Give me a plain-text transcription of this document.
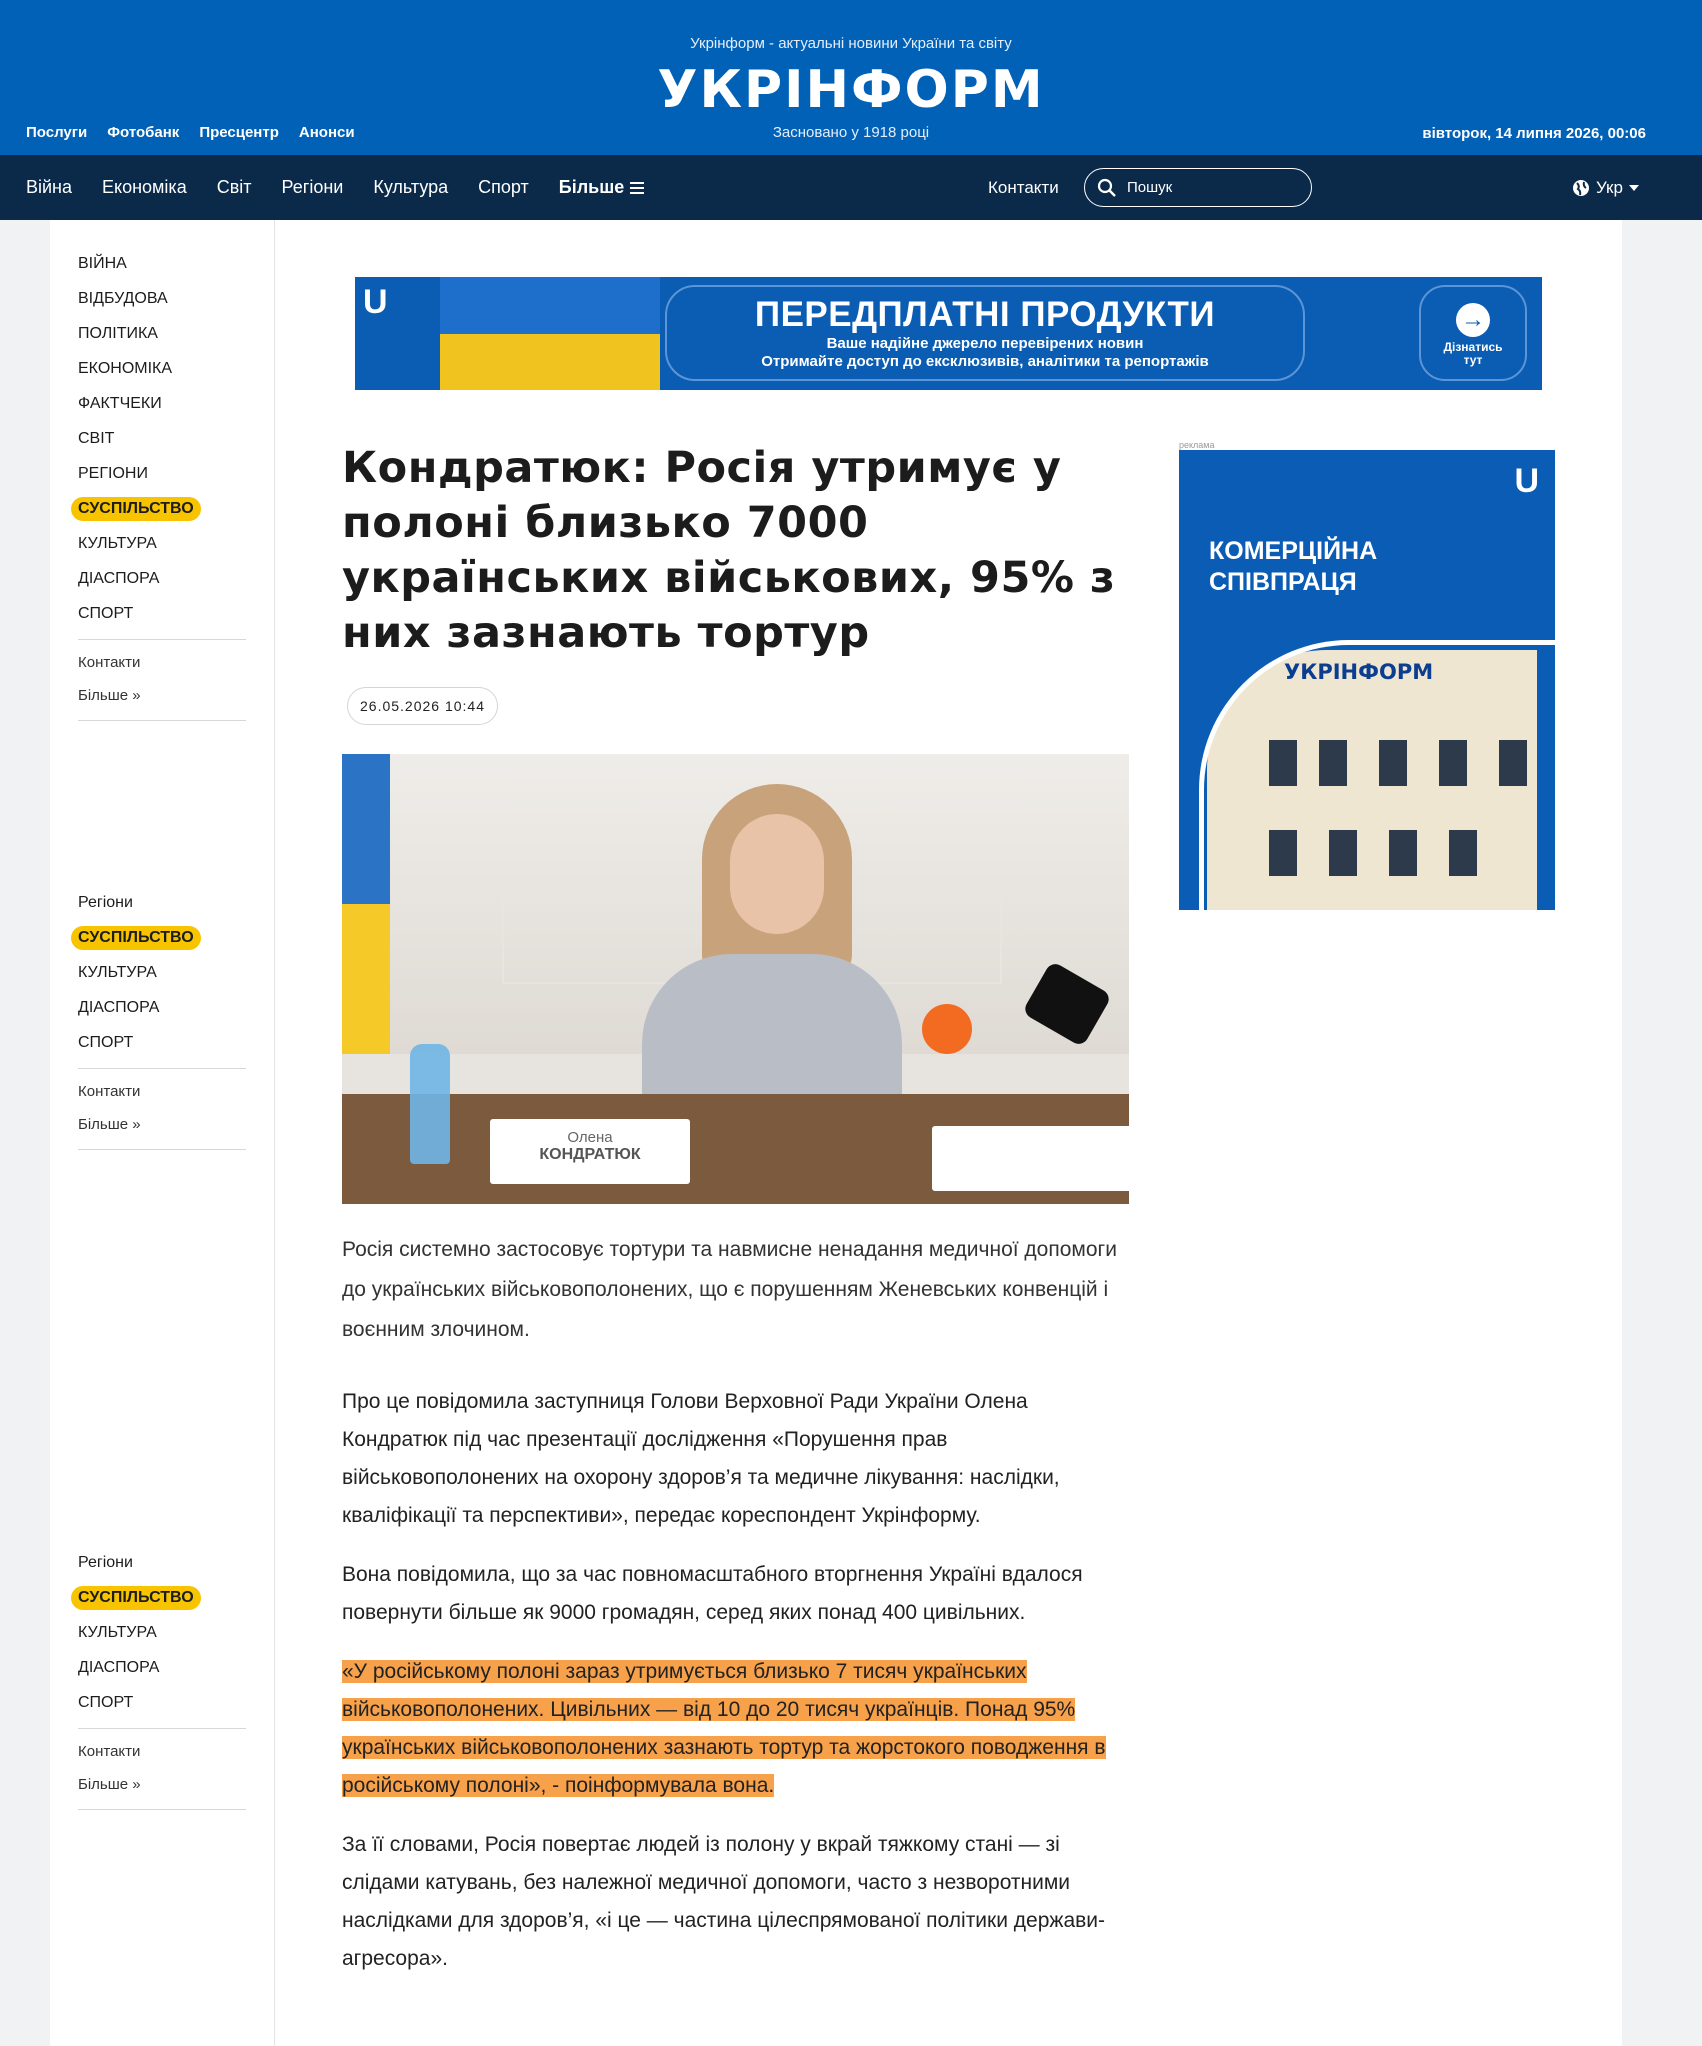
Укрінформ - актуальні новини України та світу
УКРІНФОРМ
Засновано у 1918 році
Послуги Фотобанк Пресцентр Анонси	вівторок, 14 липня 2026, 00:06
Війна Економіка Світ Регіони Культура Спорт Більше	Контакти
Пошук	Укр
ВІЙНА
ВІДБУДОВА
ПОЛІТИКА
ЕКОНОМІКА
ФАКТЧЕКИ
СВІТ
РЕГІОНИ
СУСПІЛЬСТВО
КУЛЬТУРА
ДІАСПОРА
СПОРТ
Контакти
Більше »
Регіони
СУСПІЛЬСТВО
КУЛЬТУРА
ДІАСПОРА
СПОРТ
Контакти
Більше »
Регіони
СУСПІЛЬСТВО
КУЛЬТУРА
ДІАСПОРА
СПОРТ
Контакти
Більше »
U	ПЕРЕДПЛАТНІ ПРОДУКТИ
Ваше надійне джерело перевірених новин
Отримайте доступ до ексклюзивів, аналітики та репортажів
→
Дізнатись тут
Кондратюк: Росія утримує у полоні близько 7000 українських військових, 95% з них зазнають тортур
26.05.2026 10:44
Олена
КОНДРАТЮК

Росія системно застосовує тортури та навмисне ненадання медичної допомоги до українських військовополонених, що є порушенням Женевських конвенцій і воєнним злочином.

Про це повідомила заступниця Голови Верховної Ради України Олена Кондратюк під час презентації дослідження «Порушення прав військовополонених на охорону здоров’я та медичне лікування: наслідки, кваліфікації та перспективи», передає кореспондент Укрінформу.

Вона повідомила, що за час повномасштабного вторгнення Україні вдалося повернути більше як 9000 громадян, серед яких понад 400 цивільних.

«У російському полоні зараз утримується близько 7 тисяч українських військовополонених. Цивільних — від 10 до 20 тисяч українців. Понад 95% українських військовополонених зазнають тортур та жорстокого поводження в російському полоні», - поінформувала вона.

За її словами, Росія повертає людей із полону у вкрай тяжкому стані — зі слідами катувань, без належної медичної допомоги, часто з незворотними наслідками для здоров’я, «і це — частина цілеспрямованої політики держави-агресора».

реклама
U
КОМЕРЦІЙНА
СПІВПРАЦЯ
УКРІНФОРМ
